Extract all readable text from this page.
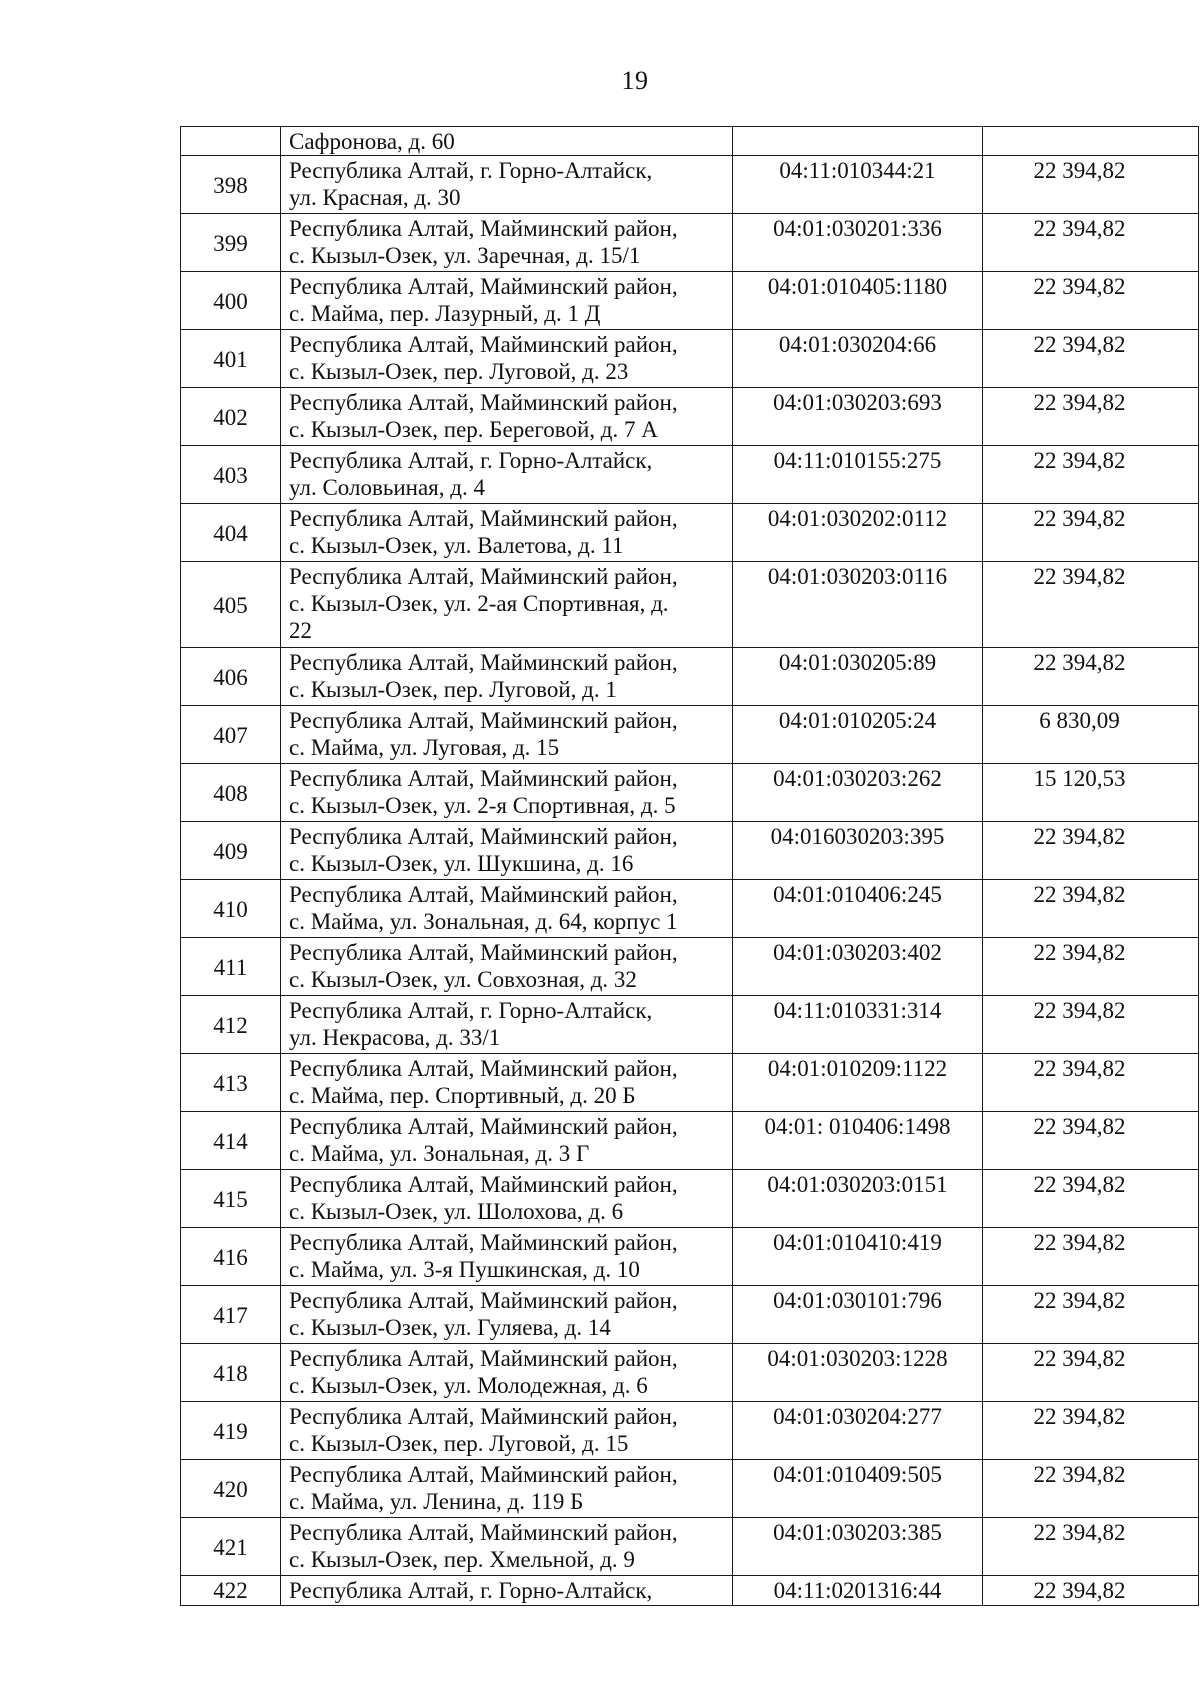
19
	Сафронова, д. 60		
398	Республика Алтай, г. Горно-Алтайск,
ул. Красная, д. 30	04:11:010344:21	22 394,82
399	Республика Алтай, Майминский район,
с. Кызыл-Озек, ул. Заречная, д. 15/1	04:01:030201:336	22 394,82
400	Республика Алтай, Майминский район,
с. Майма, пер. Лазурный, д. 1 Д	04:01:010405:1180	22 394,82
401	Республика Алтай, Майминский район,
с. Кызыл-Озек, пер. Луговой, д. 23	04:01:030204:66	22 394,82
402	Республика Алтай, Майминский район,
с. Кызыл-Озек, пер. Береговой, д. 7 А	04:01:030203:693	22 394,82
403	Республика Алтай, г. Горно-Алтайск,
ул. Соловьиная, д. 4	04:11:010155:275	22 394,82
404	Республика Алтай, Майминский район,
с. Кызыл-Озек, ул. Валетова, д. 11	04:01:030202:0112	22 394,82
405	Республика Алтай, Майминский район,
с. Кызыл-Озек, ул. 2-ая Спортивная, д.
22	04:01:030203:0116	22 394,82
406	Республика Алтай, Майминский район,
с. Кызыл-Озек, пер. Луговой, д. 1	04:01:030205:89	22 394,82
407	Республика Алтай, Майминский район,
с. Майма, ул. Луговая, д. 15	04:01:010205:24	6 830,09
408	Республика Алтай, Майминский район,
с. Кызыл-Озек, ул. 2-я Спортивная, д. 5	04:01:030203:262	15 120,53
409	Республика Алтай, Майминский район,
с. Кызыл-Озек, ул. Шукшина, д. 16	04:016030203:395	22 394,82
410	Республика Алтай, Майминский район,
с. Майма, ул. Зональная, д. 64, корпус 1	04:01:010406:245	22 394,82
411	Республика Алтай, Майминский район,
с. Кызыл-Озек, ул. Совхозная, д. 32	04:01:030203:402	22 394,82
412	Республика Алтай, г. Горно-Алтайск,
ул. Некрасова, д. 33/1	04:11:010331:314	22 394,82
413	Республика Алтай, Майминский район,
с. Майма, пер. Спортивный, д. 20 Б	04:01:010209:1122	22 394,82
414	Республика Алтай, Майминский район,
с. Майма, ул. Зональная, д. 3 Г	04:01: 010406:1498	22 394,82
415	Республика Алтай, Майминский район,
с. Кызыл-Озек, ул. Шолохова, д. 6	04:01:030203:0151	22 394,82
416	Республика Алтай, Майминский район,
с. Майма, ул. 3-я Пушкинская, д. 10	04:01:010410:419	22 394,82
417	Республика Алтай, Майминский район,
с. Кызыл-Озек, ул. Гуляева, д. 14	04:01:030101:796	22 394,82
418	Республика Алтай, Майминский район,
с. Кызыл-Озек, ул. Молодежная, д. 6	04:01:030203:1228	22 394,82
419	Республика Алтай, Майминский район,
с. Кызыл-Озек, пер. Луговой, д. 15	04:01:030204:277	22 394,82
420	Республика Алтай, Майминский район,
с. Майма, ул. Ленина, д. 119 Б	04:01:010409:505	22 394,82
421	Республика Алтай, Майминский район,
с. Кызыл-Озек, пер. Хмельной, д. 9	04:01:030203:385	22 394,82
422	Республика Алтай, г. Горно-Алтайск,	04:11:0201316:44	22 394,82
